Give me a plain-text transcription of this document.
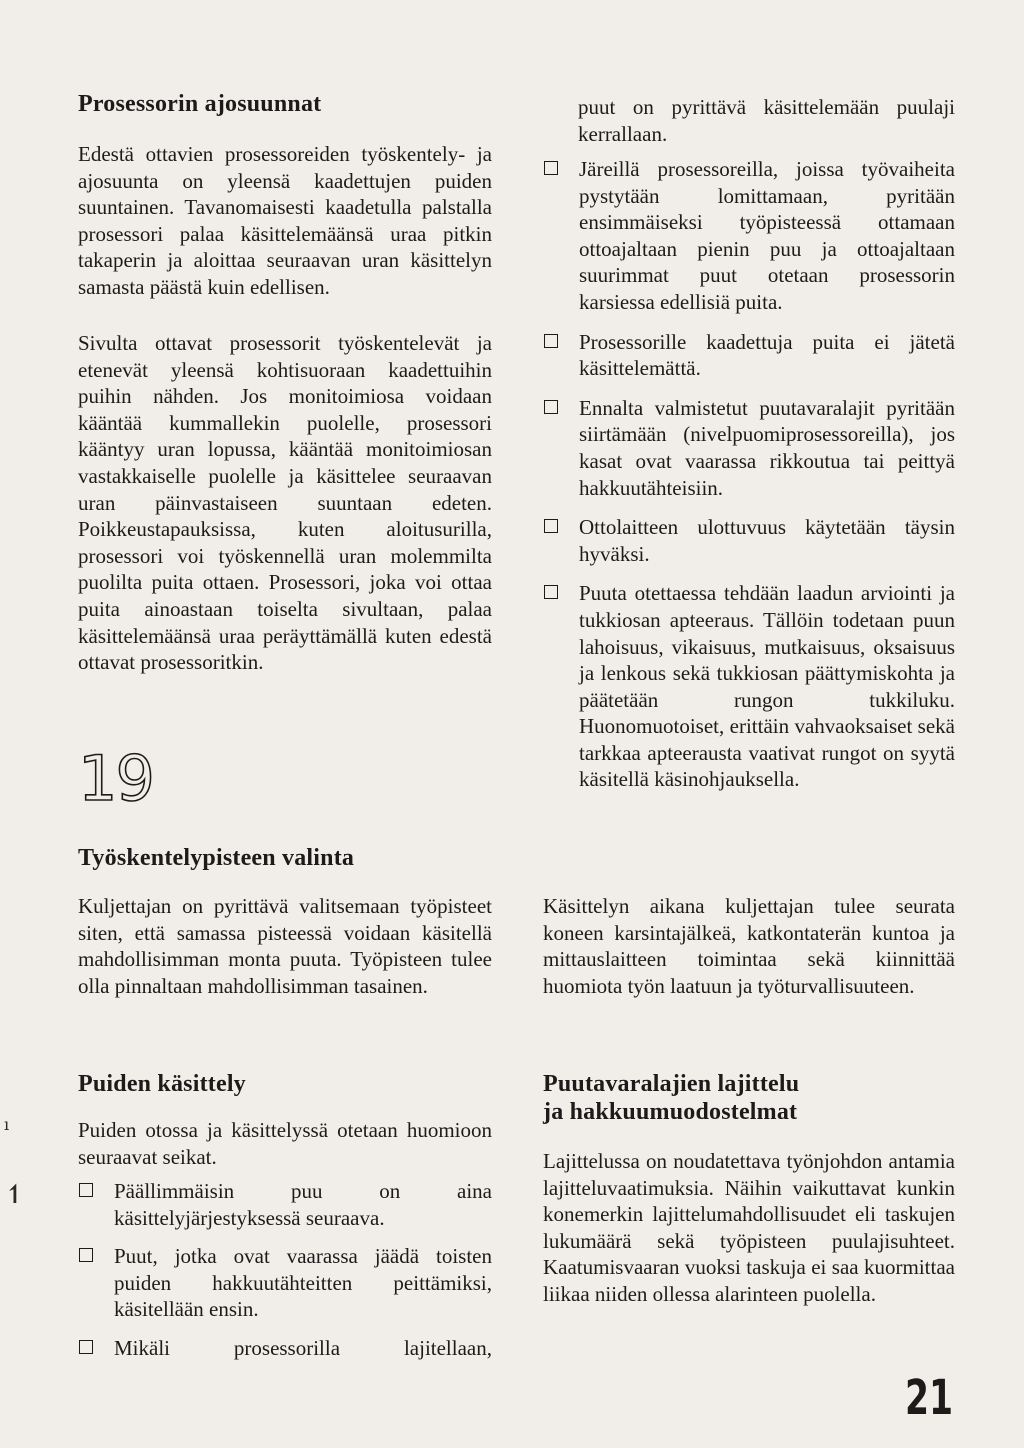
Prosessorin ajosuunnat

Edestä ottavien prosessoreiden työskentely- ja ajosuunta on yleensä kaadettujen puiden suuntainen. Tavanomaisesti kaadetulla palstalla prosessori palaa käsittelemäänsä uraa pitkin takaperin ja aloittaa seuraavan uran käsittelyn samasta päästä kuin edellisen.

Sivulta ottavat prosessorit työskentelevät ja etenevät yleensä kohtisuoraan kaadettuihin puihin nähden. Jos monitoimiosa voidaan kääntää kummallekin puolelle, prosessori kääntyy uran lopussa, kääntää monitoimiosan vastakkaiselle puolelle ja käsittelee seuraavan uran päinvastaiseen suuntaan edeten. Poikkeustapauksissa, kuten aloitusurilla, prosessori voi työskennellä uran molemmilta puolilta puita ottaen. Prosessori, joka voi ottaa puita ainoastaan toiselta sivultaan, palaa käsittelemäänsä uraa peräyttämällä kuten edestä ottavat prosessoritkin.

Työskentelypisteen valinta

Kuljettajan on pyrittävä valitsemaan työpisteet siten, että samassa pisteessä voidaan käsitellä mahdollisimman monta puuta. Työpisteen tulee olla pinnaltaan mahdollisimman tasainen.

Puiden käsittely

Puiden otossa ja käsittelyssä otetaan huomioon seuraavat seikat.

Päällimmäisin puu on aina käsittelyjärjestyksessä seuraava.
Puut, jotka ovat vaarassa jäädä toisten puiden hakkuutähteitten peittämiksi, käsitellään ensin.
Mikäli prosessorilla lajitellaan,
19

puut on pyrittävä käsittelemään puulaji kerrallaan.

Järeillä prosessoreilla, joissa työvaiheita pystytään lomittamaan, pyritään ensimmäiseksi työpisteessä ottamaan ottoajaltaan pienin puu ja ottoajaltaan suurimmat puut otetaan prosessorin karsiessa edellisiä puita.
Prosessorille kaadettuja puita ei jätetä käsittelemättä.
Ennalta valmistetut puutavaralajit pyritään siirtämään (nivelpuomiprosessoreilla), jos kasat ovat vaarassa rikkoutua tai peittyä hakkuutähteisiin.
Ottolaitteen ulottuvuus käytetään täysin hyväksi.
Puuta otettaessa tehdään laadun arviointi ja tukkiosan apteeraus. Tällöin todetaan puun lahoisuus, vikaisuus, mutkaisuus, oksaisuus ja lenkous sekä tukkiosan päättymiskohta ja päätetään rungon tukkiluku. Huonomuotoiset, erittäin vahvaoksaiset sekä tarkkaa apteerausta vaativat rungot on syytä käsitellä käsinohjauksella.

Käsittelyn aikana kuljettajan tulee seurata koneen karsintajälkeä, katkontaterän kuntoa ja mittauslaitteen toimintaa sekä kiinnittää huomiota työn laatuun ja työturvallisuuteen.

Puutavaralajien lajittelu
ja hakkuumuodostelmat

Lajittelussa on noudatettava työnjohdon antamia lajitteluvaatimuksia. Näihin vaikuttavat kunkin konemerkin lajittelumahdollisuudet eli taskujen lukumäärä sekä työpisteen puulajisuhteet. Kaatumisvaaran vuoksi taskuja ei saa kuormittaa liikaa niiden ollessa alarinteen puolella.

21
ı
↿
